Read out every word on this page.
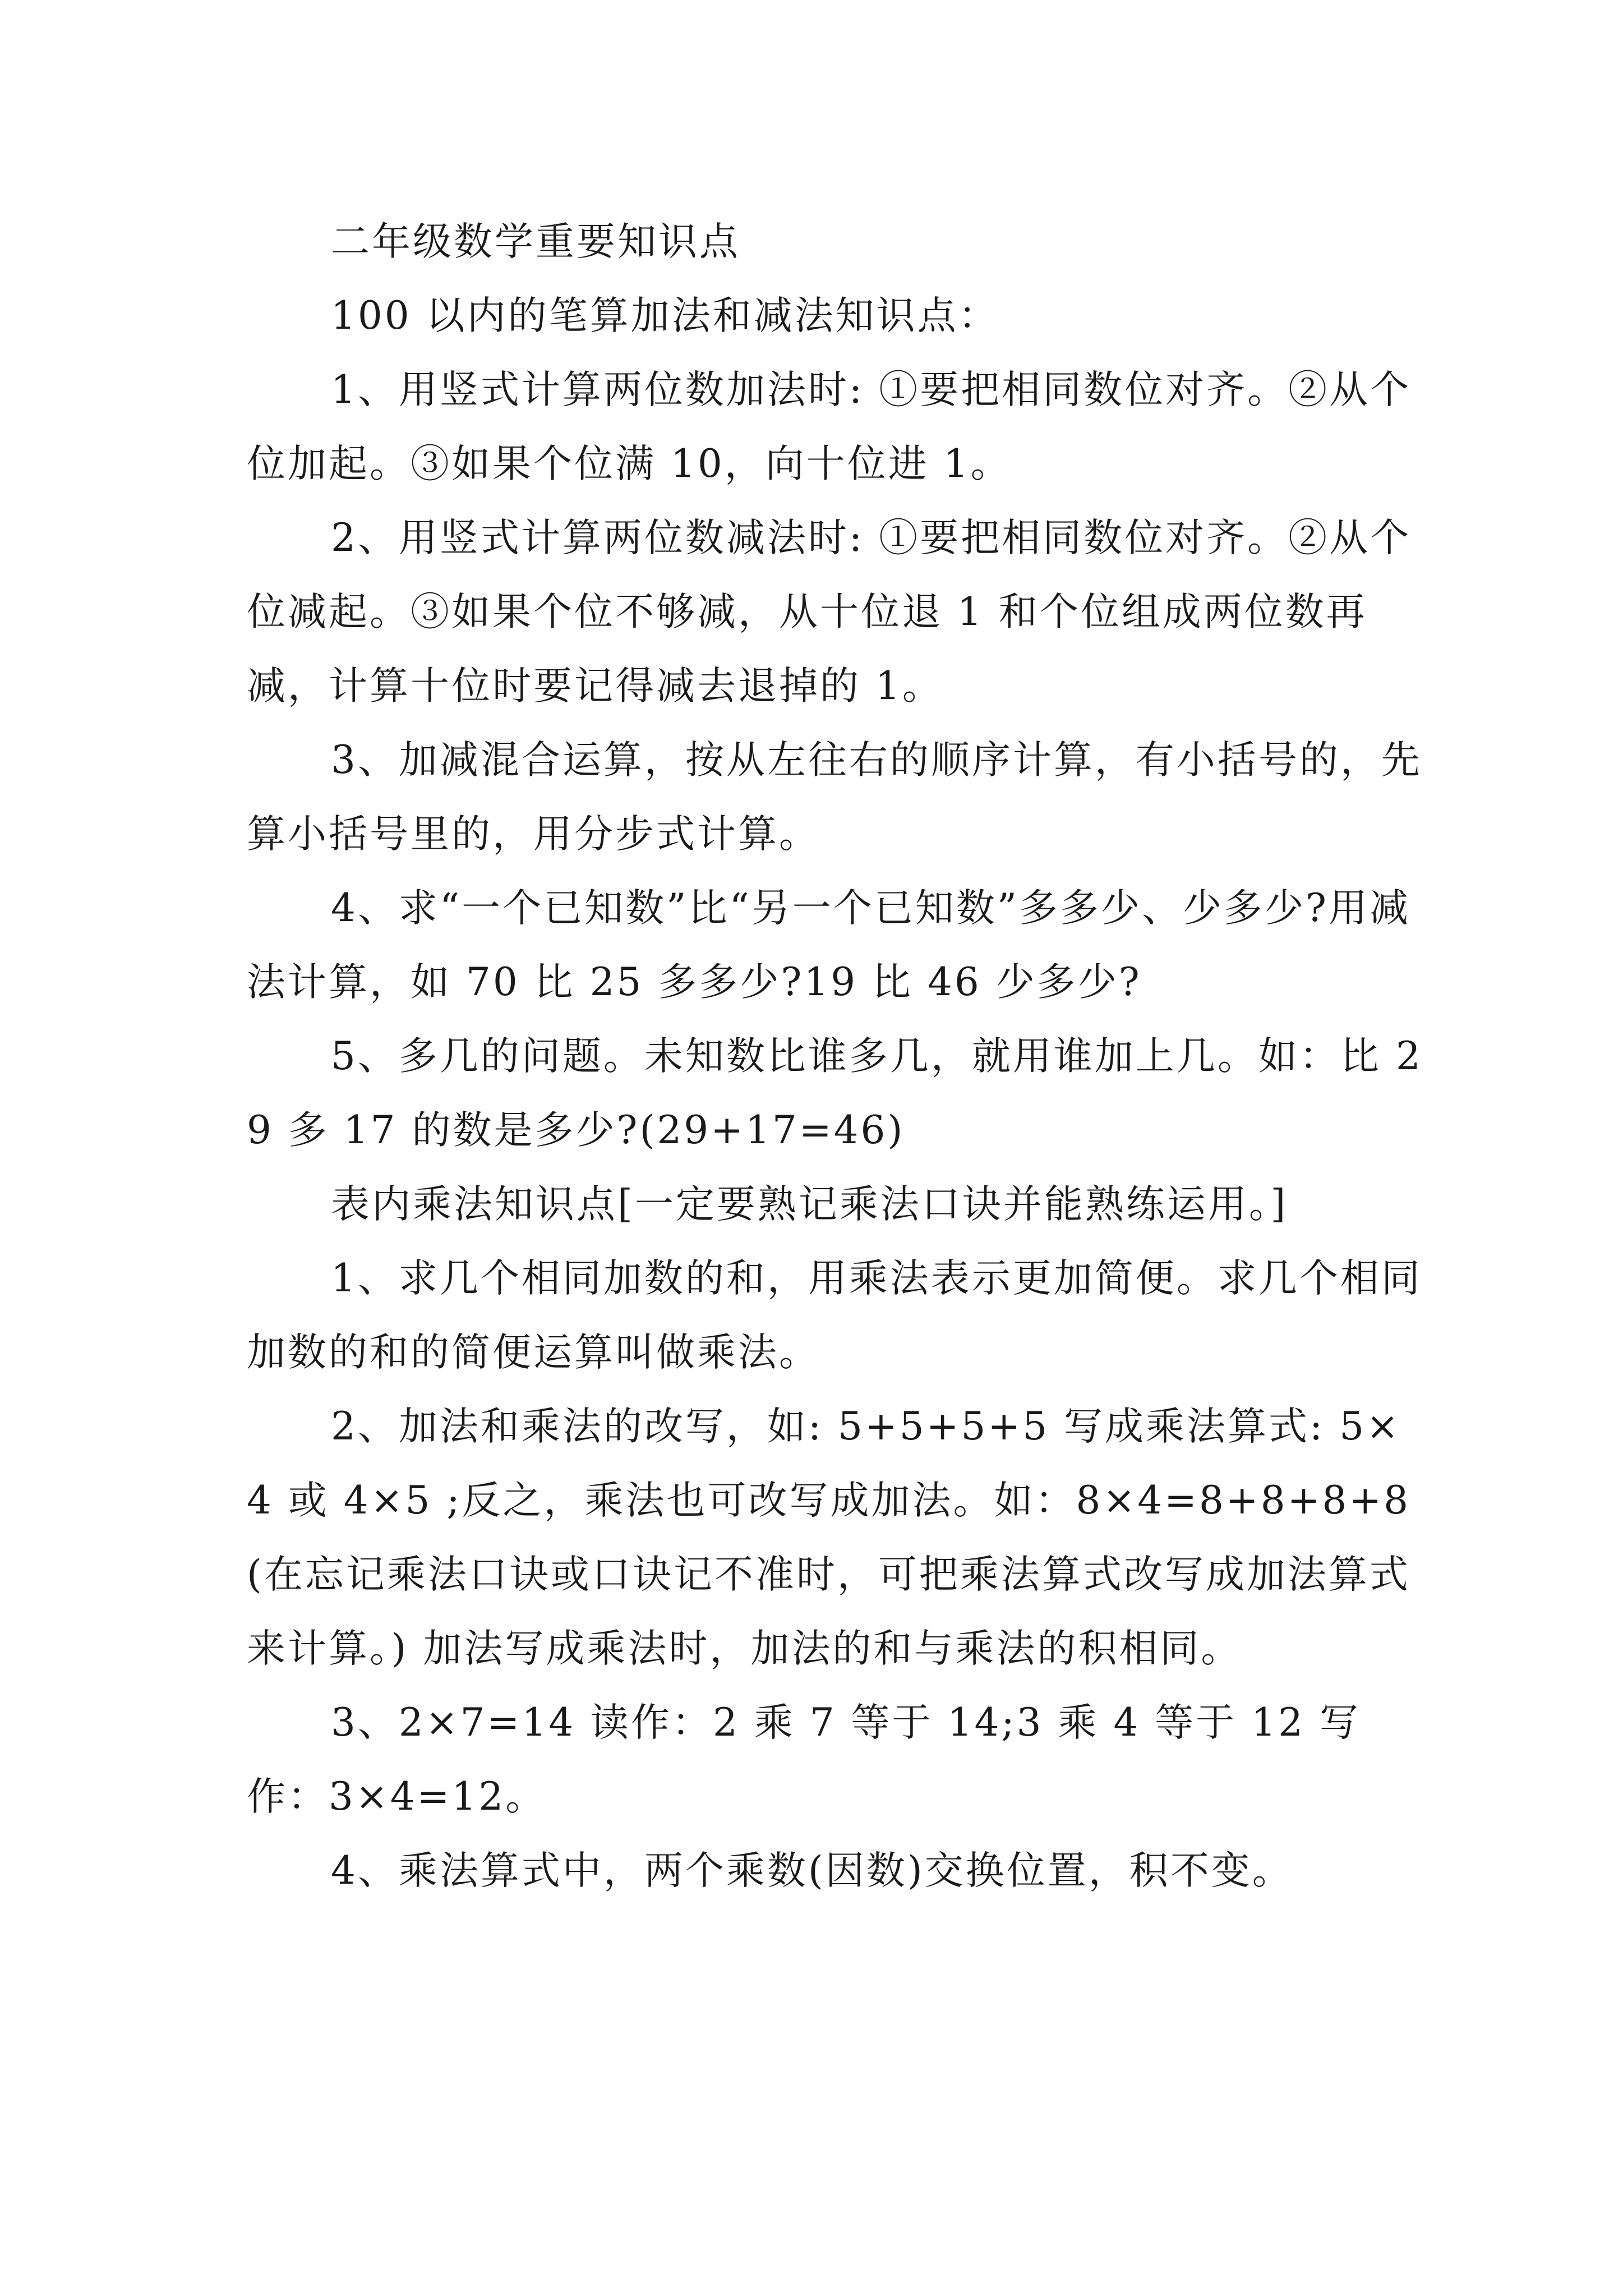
二年级数学重要知识点

100 以内的笔算加法和减法知识点：

1、用竖式计算两位数加法时: ①要把相同数位对齐。②从个位加起。③如果个位满 10，向十位进 1。

2、用竖式计算两位数减法时: ①要把相同数位对齐。②从个位减起。③如果个位不够减，从十位退 1 和个位组成两位数再减，计算十位时要记得减去退掉的 1。

3、加减混合运算，按从左往右的顺序计算，有小括号的，先算小括号里的，用分步式计算。

4、求“一个已知数”比“另一个已知数”多多少、少多少?用减法计算，如 70 比 25 多多少?19 比 46 少多少?

5、多几的问题。未知数比谁多几，就用谁加上几。如：比 29 多 17 的数是多少?(29+17=46)

表内乘法知识点[一定要熟记乘法口诀并能熟练运用。]

1、求几个相同加数的和，用乘法表示更加简便。求几个相同加数的和的简便运算叫做乘法。

2、加法和乘法的改写，如: 5+5+5+5 写成乘法算式: 5×4 或 4×5 ;反之，乘法也可改写成加法。如：8×4=8+8+8+8 (在忘记乘法口诀或口诀记不准时，可把乘法算式改写成加法算式来计算。) 加法写成乘法时，加法的和与乘法的积相同。

3、2×7=14 读作：2 乘 7 等于 14;3 乘 4 等于 12 写作：3×4=12。

4、乘法算式中，两个乘数(因数)交换位置，积不变。
